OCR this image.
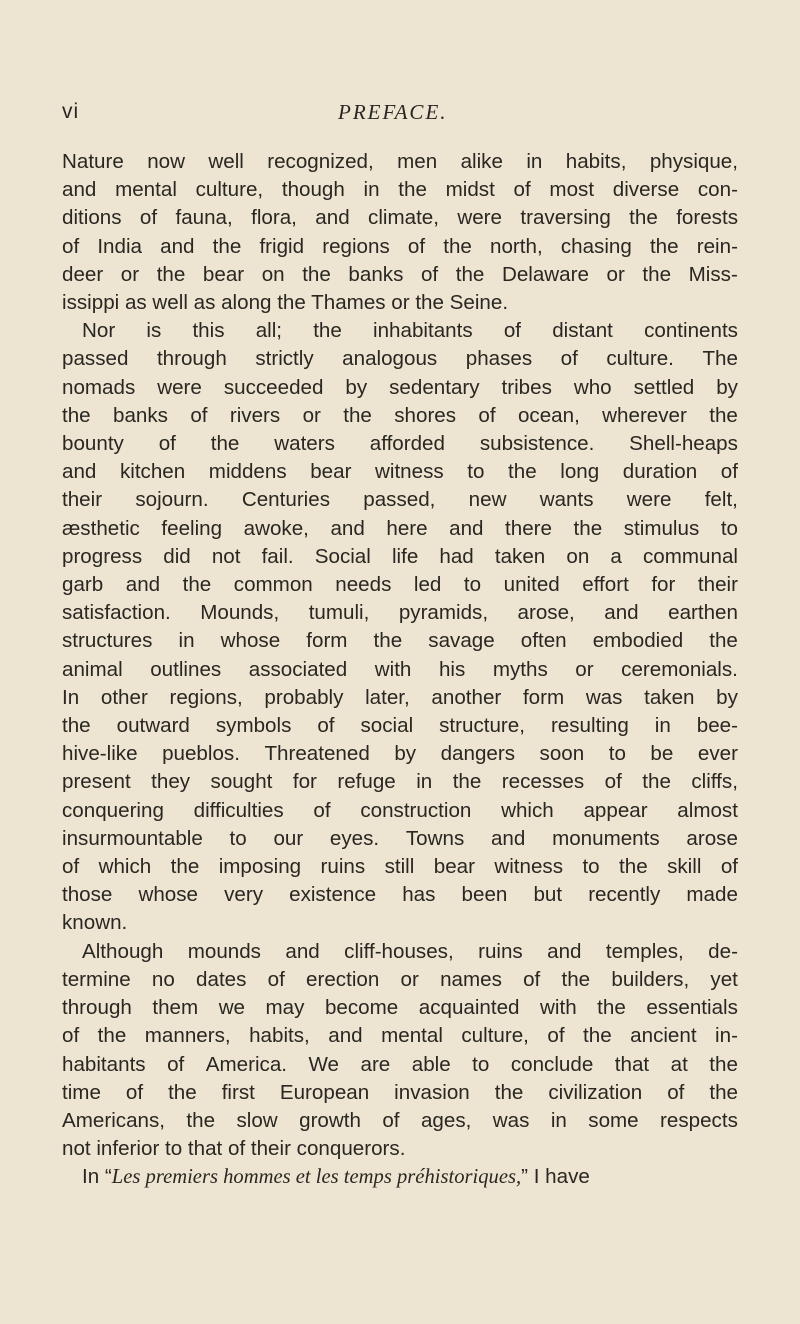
vi	PREFACE.
Nature now well recognized, men alike in habits, physique,
and mental culture, though in the midst of most diverse con-
ditions of fauna, flora, and climate, were traversing the forests
of India and the frigid regions of the north, chasing the rein-
deer or the bear on the banks of the Delaware or the Miss-
issippi as well as along the Thames or the Seine.
Nor is this all; the inhabitants of distant continents
passed through strictly analogous phases of culture. The
nomads were succeeded by sedentary tribes who settled by
the banks of rivers or the shores of ocean, wherever the
bounty of the waters afforded subsistence. Shell-heaps
and kitchen middens bear witness to the long duration of
their sojourn. Centuries passed, new wants were felt,
æsthetic feeling awoke, and here and there the stimulus to
progress did not fail. Social life had taken on a communal
garb and the common needs led to united effort for their
satisfaction. Mounds, tumuli, pyramids, arose, and earthen
structures in whose form the savage often embodied the
animal outlines associated with his myths or ceremonials.
In other regions, probably later, another form was taken by
the outward symbols of social structure, resulting in bee-
hive-like pueblos. Threatened by dangers soon to be ever
present they sought for refuge in the recesses of the cliffs,
conquering difficulties of construction which appear almost
insurmountable to our eyes. Towns and monuments arose
of which the imposing ruins still bear witness to the skill of
those whose very existence has been but recently made
known.
Although mounds and cliff-houses, ruins and temples, de-
termine no dates of erection or names of the builders, yet
through them we may become acquainted with the essentials
of the manners, habits, and mental culture, of the ancient in-
habitants of America. We are able to conclude that at the
time of the first European invasion the civilization of the
Americans, the slow growth of ages, was in some respects
not inferior to that of their conquerors.
In “ Les premiers hommes et les temps préhistoriques, ” I have
